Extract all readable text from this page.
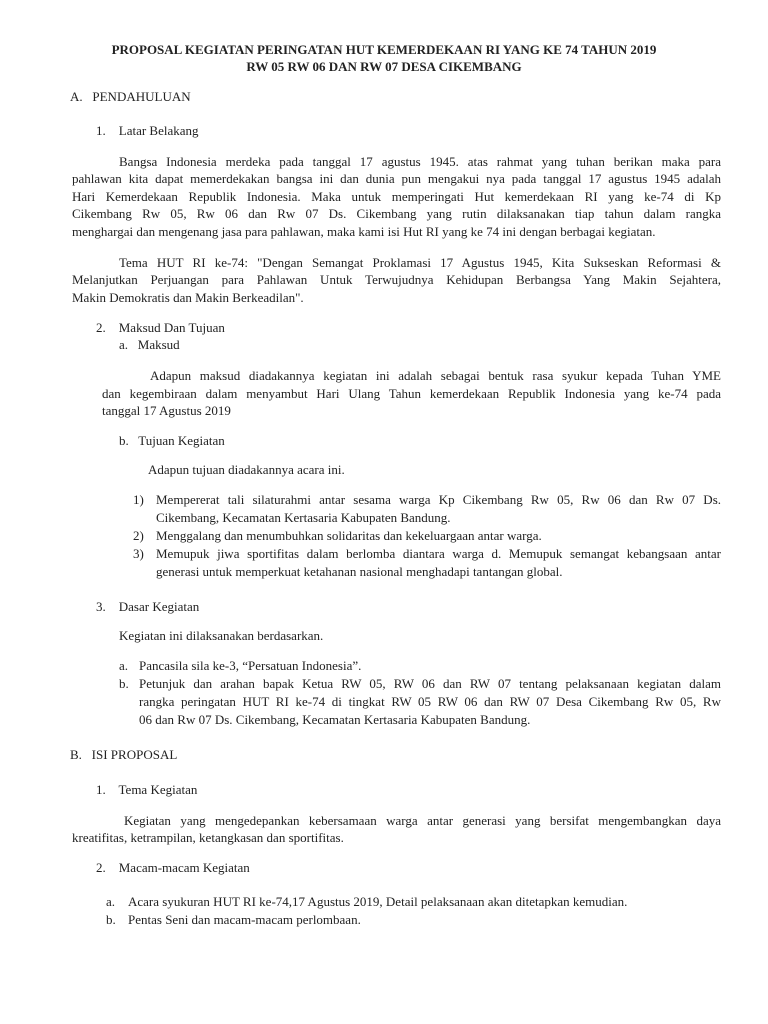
PROPOSAL KEGIATAN PERINGATAN HUT KEMERDEKAAN RI YANG KE 74 TAHUN 2019
RW 05 RW 06 DAN RW 07 DESA CIKEMBANG
A.   PENDAHULUAN
1.    Latar Belakang
Bangsa Indonesia merdeka pada tanggal 17 agustus 1945. atas rahmat yang tuhan berikan maka para
pahlawan kita dapat memerdekakan bangsa ini dan dunia pun mengakui nya pada tanggal 17 agustus 1945 adalah
Hari Kemerdekaan Republik Indonesia. Maka untuk memperingati Hut kemerdekaan RI yang ke-74 di Kp
Cikembang Rw 05, Rw 06 dan Rw 07 Ds. Cikembang yang rutin dilaksanakan tiap tahun dalam rangka
menghargai dan mengenang jasa para pahlawan, maka kami isi Hut RI yang ke 74 ini dengan berbagai kegiatan.
Tema HUT RI ke-74: "Dengan Semangat Proklamasi 17 Agustus 1945, Kita Sukseskan Reformasi &
Melanjutkan Perjuangan para Pahlawan Untuk Terwujudnya Kehidupan Berbangsa Yang Makin Sejahtera,
Makin Demokratis dan Makin Berkeadilan".
2.    Maksud Dan Tujuan
a.   Maksud
Adapun maksud diadakannya kegiatan ini adalah sebagai bentuk rasa syukur kepada Tuhan YME
dan kegembiraan dalam menyambut Hari Ulang Tahun kemerdekaan Republik Indonesia yang ke-74 pada
tanggal 17 Agustus 2019
b.   Tujuan Kegiatan
Adapun tujuan diadakannya acara ini.
1) Mempererat tali silaturahmi antar sesama warga Kp Cikembang Rw 05, Rw 06 dan Rw 07 Ds.
Cikembang, Kecamatan Kertasaria Kabupaten Bandung.
2) Menggalang dan menumbuhkan solidaritas dan kekeluargaan antar warga.
3) Memupuk jiwa sportifitas dalam berlomba diantara warga d. Memupuk semangat kebangsaan antar
generasi untuk memperkuat ketahanan nasional menghadapi tantangan global.
3.    Dasar Kegiatan
Kegiatan ini dilaksanakan berdasarkan.
a. Pancasila sila ke-3, “Persatuan Indonesia”.
b. Petunjuk dan arahan bapak Ketua RW 05, RW 06 dan RW 07 tentang pelaksanaan kegiatan dalam
rangka peringatan HUT RI ke-74 di tingkat RW 05 RW 06 dan RW 07 Desa Cikembang Rw 05, Rw
06 dan Rw 07 Ds. Cikembang, Kecamatan Kertasaria Kabupaten Bandung.
B.   ISI PROPOSAL
1.    Tema Kegiatan
Kegiatan yang mengedepankan kebersamaan warga antar generasi yang bersifat mengembangkan daya
kreatifitas, ketrampilan, ketangkasan dan sportifitas.
2.    Macam-macam Kegiatan
a. Acara syukuran HUT RI ke-74,17 Agustus 2019, Detail pelaksanaan akan ditetapkan kemudian.
b. Pentas Seni dan macam-macam perlombaan.
